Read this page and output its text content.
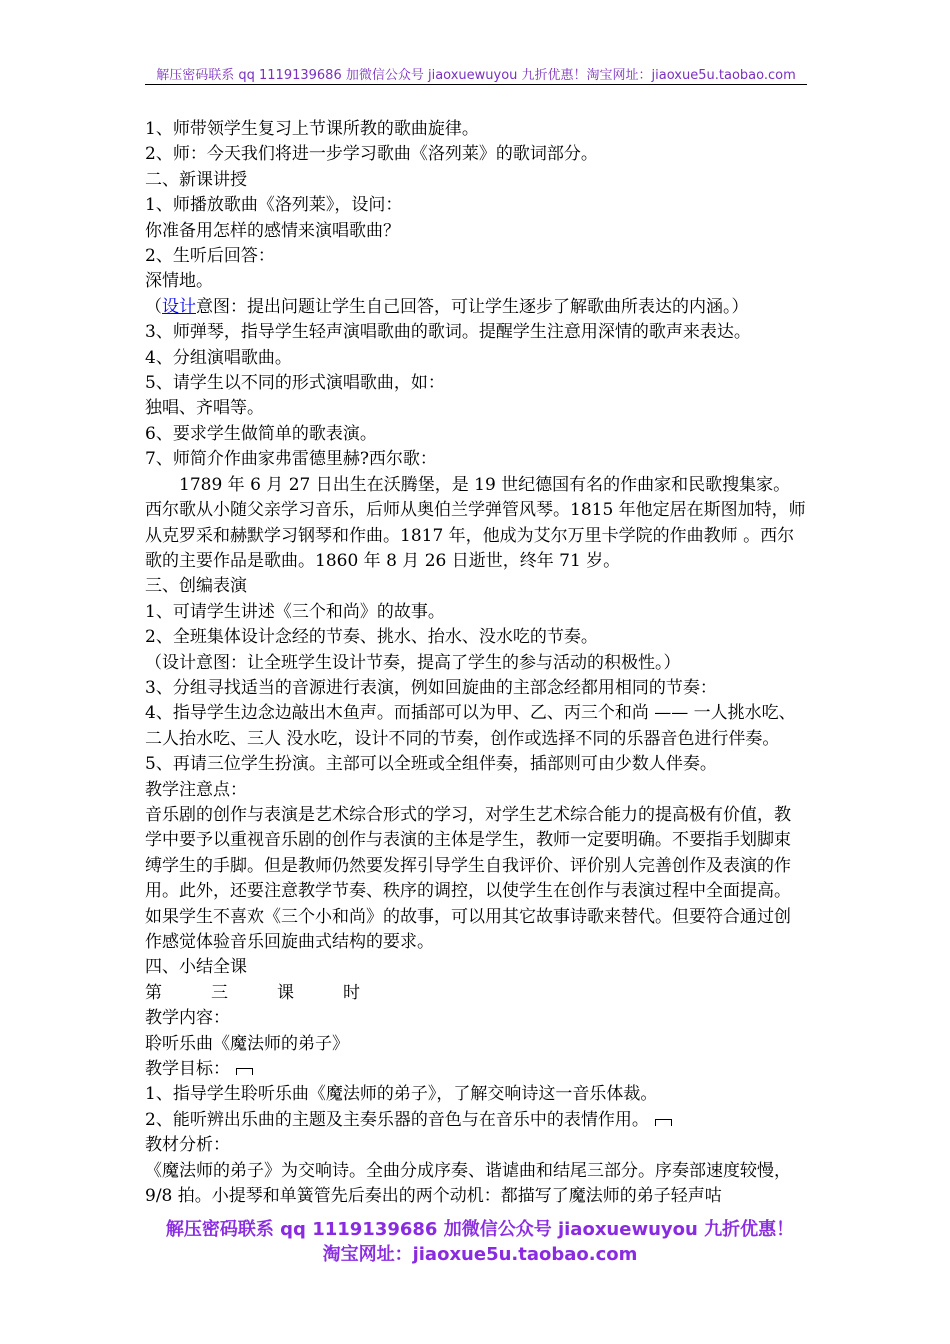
解压密码联系 qq 1119139686 加微信公众号 jiaoxuewuyou 九折优惠！淘宝网址：jiaoxue5u.taobao.com

1、师带领学生复习上节课所教的歌曲旋律。

2、师：今天我们将进一步学习歌曲《洛列莱》的歌词部分。

二、新课讲授

1、师播放歌曲《洛列莱》，设问：

你准备用怎样的感情来演唱歌曲？

2、生听后回答：

深情地。

（设计意图：提出问题让学生自己回答，可让学生逐步了解歌曲所表达的内涵。）

3、师弹琴，指导学生轻声演唱歌曲的歌词。提醒学生注意用深情的歌声来表达。

4、分组演唱歌曲。

5、请学生以不同的形式演唱歌曲，如：

独唱、齐唱等。

6、要求学生做简单的歌表演。

7、师简介作曲家弗雷德里赫?西尔歌：

1789 年 6 月 27 日出生在沃腾堡，是 19 世纪德国有名的作曲家和民歌搜集家。西尔歌从小随父亲学习音乐，后师从奥伯兰学弹管风琴。1815 年他定居在斯图加特，师从克罗采和赫默学习钢琴和作曲。1817 年，他成为艾尔万里卡学院的作曲教师 。西尔歌的主要作品是歌曲。1860 年 8 月 26 日逝世，终年 71 岁。

三、创编表演

1、可请学生讲述《三个和尚》的故事。

2、全班集体设计念经的节奏、挑水、抬水、没水吃的节奏。

（设计意图：让全班学生设计节奏，提高了学生的参与活动的积极性。）

3、分组寻找适当的音源进行表演，例如回旋曲的主部念经都用相同的节奏：

4、指导学生边念边敲出木鱼声。而插部可以为甲、乙、丙三个和尚 —— 一人挑水吃、二人抬水吃、三人 没水吃，设计不同的节奏，创作或选择不同的乐器音色进行伴奏。

5、再请三位学生扮演。主部可以全班或全组伴奏，插部则可由少数人伴奏。

教学注意点：

音乐剧的创作与表演是艺术综合形式的学习，对学生艺术综合能力的提高极有价值，教学中要予以重视音乐剧的创作与表演的主体是学生，教师一定要明确。不要指手划脚束缚学生的手脚。但是教师仍然要发挥引导学生自我评价、评价别人完善创作及表演的作用。此外，还要注意教学节奏、秩序的调控，以使学生在创作与表演过程中全面提高。如果学生不喜欢《三个小和尚》的故事，可以用其它故事诗歌来替代。但要符合通过创作感觉体验音乐回旋曲式结构的要求。

四、小结全课

第	三	课	时

教学内容：

聆听乐曲《魔法师的弟子》

教学目标：

1、指导学生聆听乐曲《魔法师的弟子》，了解交响诗这一音乐体裁。

2、能听辨出乐曲的主题及主奏乐器的音色与在音乐中的表情作用。

教材分析：

《魔法师的弟子》为交响诗。全曲分成序奏、谐谑曲和结尾三部分。序奏部速度较慢，9/8 拍。小提琴和单簧管先后奏出的两个动机：都描写了魔法师的弟子轻声咕

解压密码联系 qq 1119139686 加微信公众号 jiaoxuewuyou 九折优惠！
淘宝网址：jiaoxue5u.taobao.com
